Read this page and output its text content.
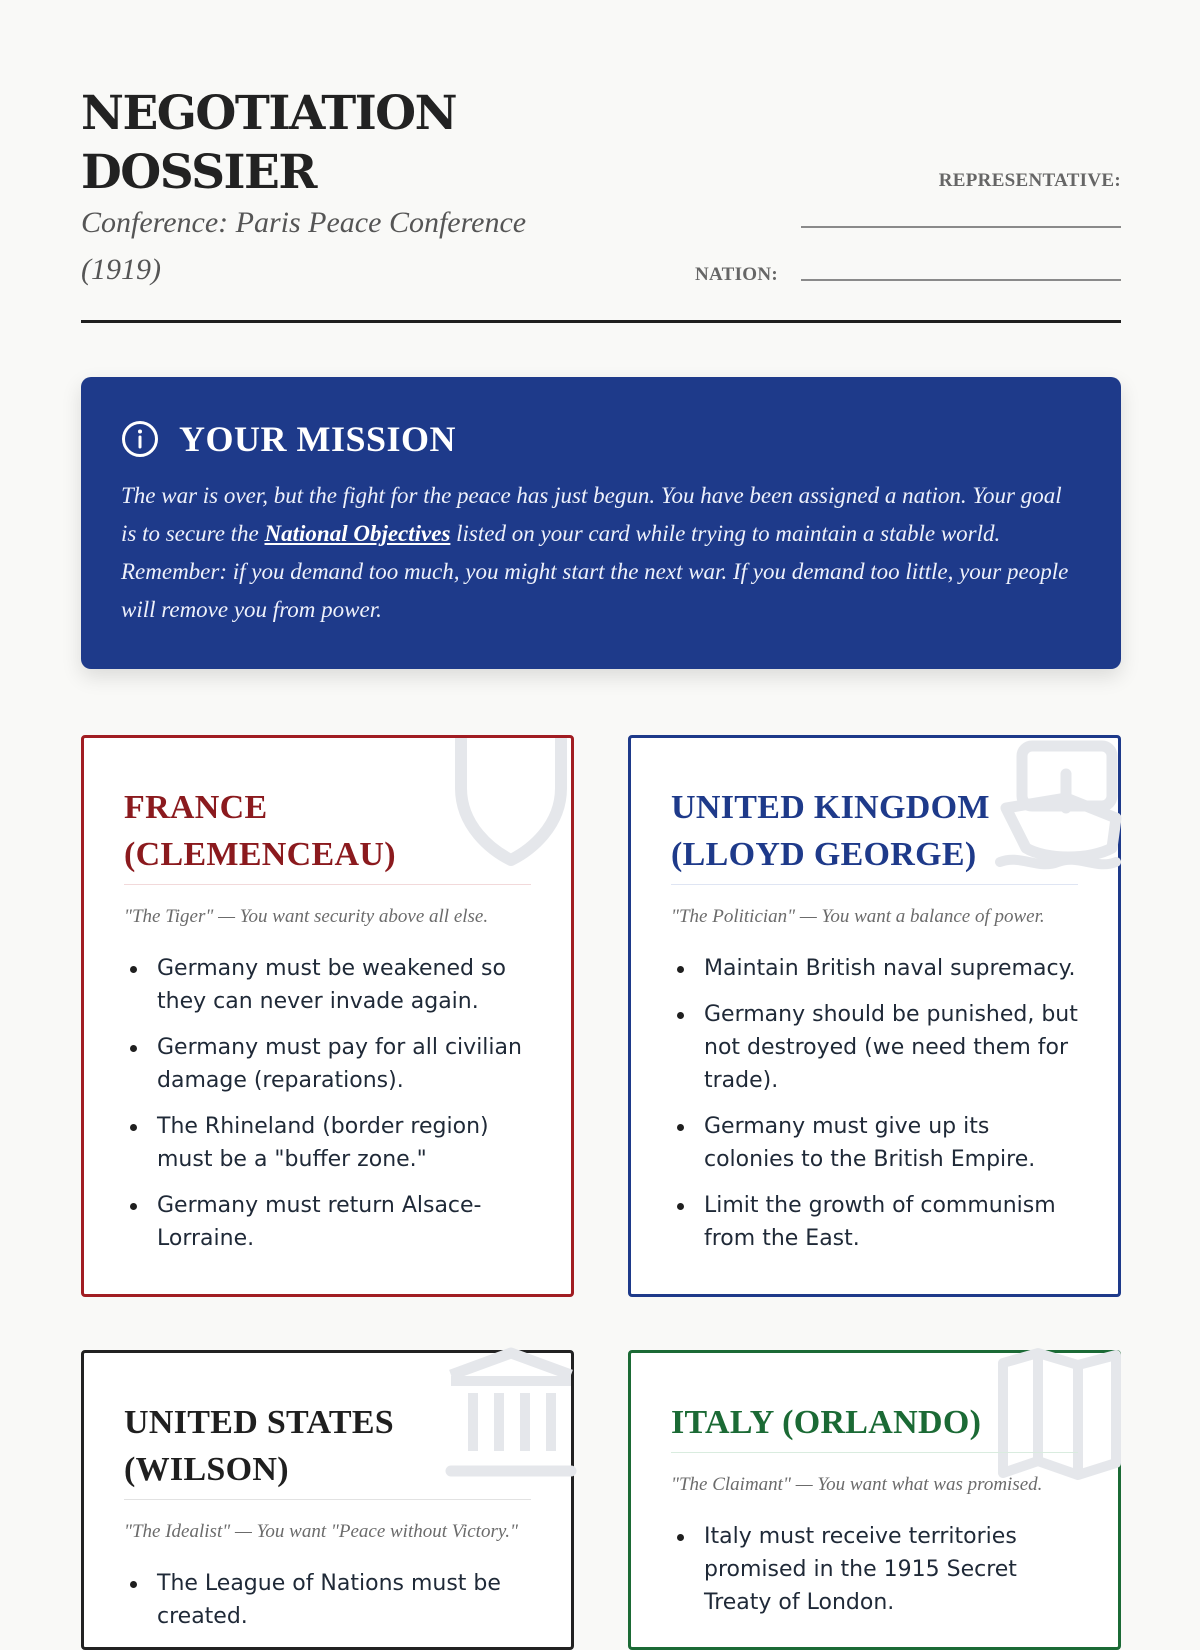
NEGOTIATION
DOSSIER
Conference: Paris Peace Conference (1919)
REPRESENTATIVE:
NATION:
YOUR MISSION

The war is over, but the fight for the peace has just begun. You have been assigned a nation. Your goal is to secure the National Objectives listed on your card while trying to maintain a stable world. Remember: if you demand too much, you might start the next war. If you demand too little, your people will remove you from power.

FRANCE (CLEMENCEAU)
"The Tiger" — You want security above all else.
Germany must be weakened so they can never invade again.
Germany must pay for all civilian damage (reparations).
The Rhineland (border region) must be a "buffer zone."
Germany must return Alsace-Lorraine.
UNITED KINGDOM (LLOYD GEORGE)
"The Politician" — You want a balance of power.
Maintain British naval supremacy.
Germany should be punished, but not destroyed (we need them for trade).
Germany must give up its colonies to the British Empire.
Limit the growth of communism from the East.
UNITED STATES (WILSON)
"The Idealist" — You want "Peace without Victory."
The League of Nations must be created.
ITALY (ORLANDO)
"The Claimant" — You want what was promised.
Italy must receive territories promised in the 1915 Secret Treaty of London.
